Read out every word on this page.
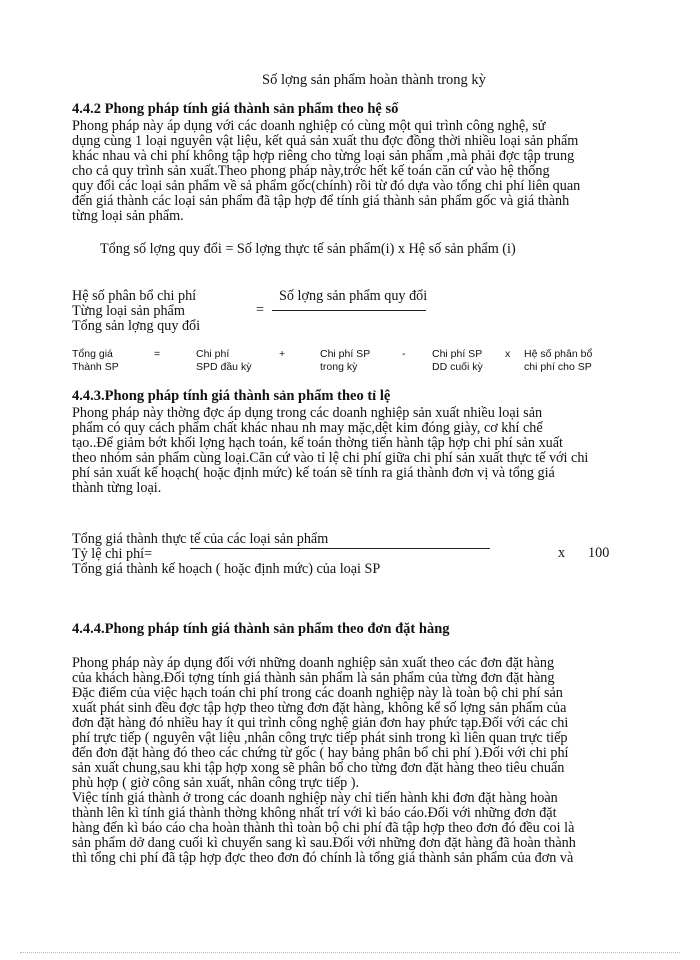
Số lợng sản phẩm hoàn thành trong kỳ
4.4.2 Phong pháp tính giá thành sản phẩm theo hệ số
Phong pháp này áp dụng với các doanh nghiệp có cùng một qui trình công nghệ, sử
dụng cùng 1 loại nguyên vật liệu, kết quả sản xuất thu đợc đồng thời nhiều loại sản phẩm
khác nhau và chi phí không tập hợp riêng cho từng loại sản phẩm ,mà phải đợc tập trung
cho cả quy trình sản xuất.Theo phong pháp này,trớc hết kế toán căn cứ vào hệ thống
quy đổi các loại sản phẩm về sả phẩm gốc(chính) rồi từ đó dựa vào tổng chi phí liên quan
đến giá thành các loại sản phẩm đã tập hợp để tính giá thành sản phẩm gốc và giá thành
từng loại sản phẩm.
Tổng số lợng quy đổi = Số lợng thực tế sản phẩm(i) x Hệ số sản phẩm (i)
Hệ số phân bổ chi phí
Từng loại sản phẩm
Tổng sản lợng quy đổi
=
Số lợng sản phẩm quy đổi
Tổng giá
Thành SP
=	Chi phí
SPD đầu kỳ
+	Chi phí SP
trong kỳ
-	Chi phí SP
DD cuối kỳ
x Hệ số phân bổ
chi phí cho SP
4.4.3.Phong pháp tính giá thành sản phẩm theo tỉ lệ
Phong pháp này thờng đợc áp dụng trong các doanh nghiệp sản xuất nhiều loại sản
phẩm có quy cách phẩm chất khác nhau nh may mặc,dệt kim đóng giày, cơ khí chế
tạo..Để giảm bớt khối lợng hạch toán, kế toán thờng tiến hành tập hợp chi phí sản xuất
theo nhóm sản phẩm cùng loại.Căn cứ vào tỉ lệ chi phí giữa chi phí sản xuất thực tế với chi
phí sản xuất kế hoạch( hoặc định mức) kế toán sẽ tính ra giá thành đơn vị và tổng giá
thành từng loại.
Tổng giá thành thực tế của các loại sản phẩm
Tỷ lệ chi phí=
Tổng giá thành kế hoạch ( hoặc định mức) của loại SP
x 100
4.4.4.Phong pháp tính giá thành sản phẩm theo đơn đặt hàng
Phong pháp này áp dụng đối với những doanh nghiệp sản xuất theo các đơn đặt hàng
của khách hàng.Đối tợng tính giá thành sản phẩm là sản phẩm của từng đơn đặt hàng
Đặc điểm của việc hạch toán chi phí trong các doanh nghiệp này là toàn bộ chi phí sản
xuất phát sinh đều đợc tập hợp theo từng đơn đặt hàng, không kể số lợng sản phẩm của
đơn đặt hàng đó nhiều hay ít qui trình công nghệ giản đơn hay phức tạp.Đối với các chi
phí trực tiếp ( nguyên vật liệu ,nhân công trực tiếp phát sinh trong kì liên quan trực tiếp
đến đơn đặt hàng đó theo các chứng từ gốc ( hay bảng phân bổ chi phí ).Đối với chi phí
sản xuất chung,sau khi tập hợp xong sẽ phân bổ cho từng đơn đặt hàng theo tiêu chuẩn
phù hợp ( giờ công sản xuất, nhân công trực tiếp ).
Việc tính giá thành ở trong các doanh nghiệp này chỉ tiến hành khi đơn đặt hàng hoàn
thành lên kì tính giá thành thờng không nhất trí với kì báo cáo.Đối với những đơn đặt
hàng đến kì báo cáo cha hoàn thành thì toàn bộ chi phí đã tập hợp theo đơn đó đều coi là
sản phẩm dở dang cuối kì chuyển sang kì sau.Đối với những đơn đặt hàng đã hoàn thành
thì tổng chi phí đã tập hợp đợc theo đơn đó chính là tổng giá thành sản phẩm của đơn và
